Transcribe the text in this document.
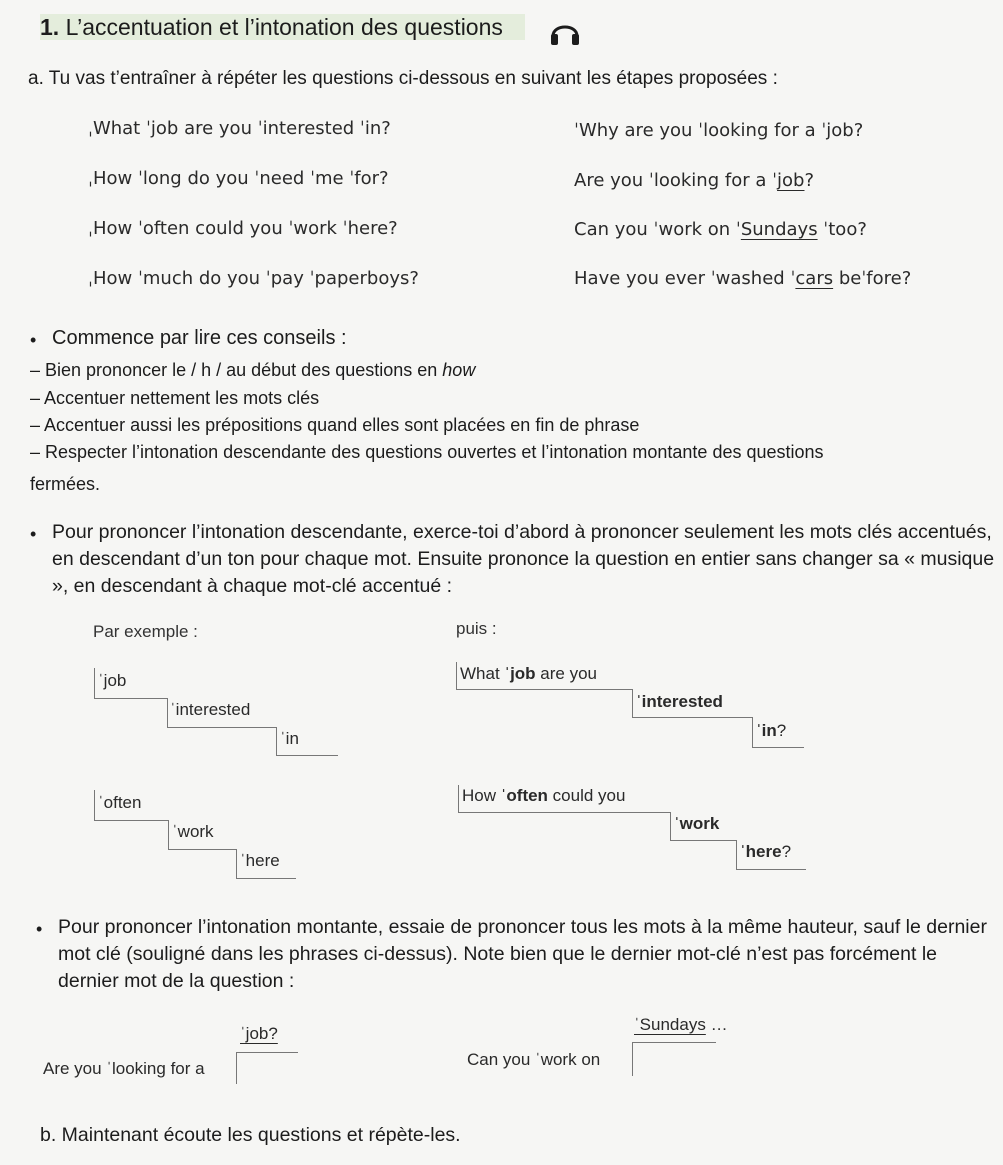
1. L’accentuation et l’intonation des questions
a. Tu vas t’entraîner à répéter les questions ci-dessous en suivant les étapes proposées :
ˌWhat ˈjob are you ˈinterested ˈin?
ˌHow ˈlong do you ˈneed ˈme ˈfor?
ˌHow ˈoften could you ˈwork ˈhere?
ˌHow ˈmuch do you ˈpay ˈpaperboys?
ˈWhy are you ˈlooking for a ˈjob?
Are you ˈlooking for a ˈjob?
Can you ˈwork on ˈSundays ˈtoo?
Have you ever ˈwashed ˈcars beˈfore?
• Commence par lire ces conseils :
– Bien prononcer le / h / au début des questions en how
– Accentuer nettement les mots clés
– Accentuer aussi les prépositions quand elles sont placées en fin de phrase
– Respecter l’intonation descendante des questions ouvertes et l’intonation montante des questions
fermées.
• Pour prononcer l’intonation descendante, exerce-toi d’abord à prononcer seulement les mots clés accentués, en descendant d’un ton pour chaque mot. Ensuite prononce la question en entier sans changer sa « musique », en descendant à chaque mot-clé accentué :
Par exemple :	puis :
ˈjob
ˈinterested
ˈin
ˈoften
ˈwork
ˈhere
What ˈjob are you
ˈinterested
ˈin?
How ˈoften could you
ˈwork
ˈhere?
• Pour prononcer l’intonation montante, essaie de prononcer tous les mots à la même hauteur, sauf le dernier mot clé (souligné dans les phrases ci-dessus). Note bien que le dernier mot-clé n’est pas forcément le dernier mot de la question :
ˈjob?
Are you ˈlooking for a
ˈSundays …
Can you ˈwork on
b. Maintenant écoute les questions et répète-les.
